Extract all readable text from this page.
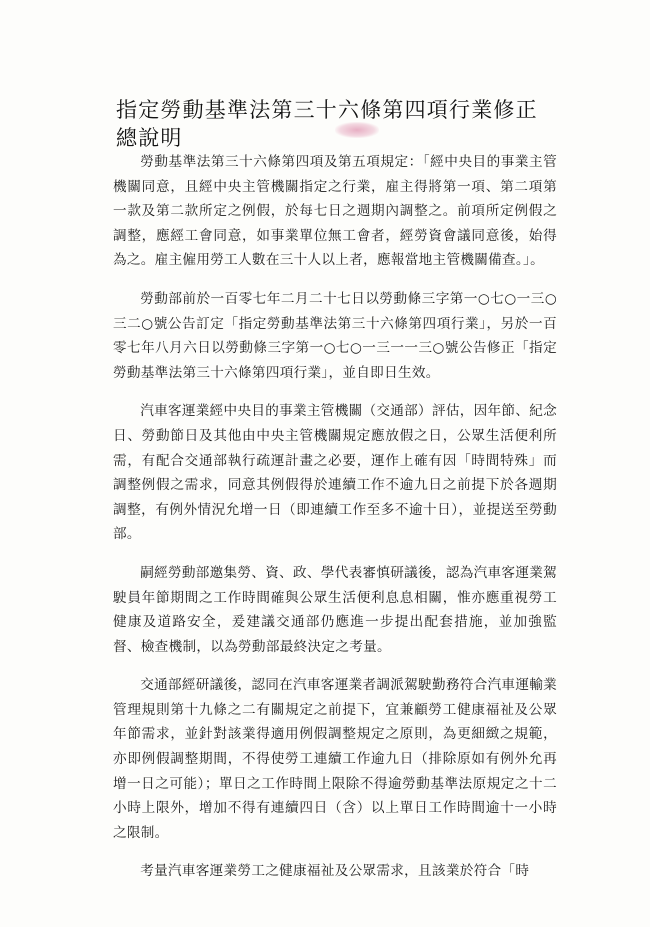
指定勞動基準法第三十六條第四項行業修正總說明

勞動基準法第三十六條第四項及第五項規定：「經中央目的事業主管機關同意，且經中央主管機關指定之行業，雇主得將第一項、第二項第一款及第二款所定之例假，於每七日之週期內調整之。前項所定例假之調整，應經工會同意，如事業單位無工會者，經勞資會議同意後，始得為之。雇主僱用勞工人數在三十人以上者，應報當地主管機關備查。」。

勞動部前於一百零七年二月二十七日以勞動條三字第一○七○一三○三二○號公告訂定「指定勞動基準法第三十六條第四項行業」，另於一百零七年八月六日以勞動條三字第一○七○一三一一三○號公告修正「指定勞動基準法第三十六條第四項行業」，並自即日生效。

汽車客運業經中央目的事業主管機關（交通部）評估，因年節、紀念日、勞動節日及其他由中央主管機關規定應放假之日，公眾生活便利所需，有配合交通部執行疏運計畫之必要，運作上確有因「時間特殊」而調整例假之需求，同意其例假得於連續工作不逾九日之前提下於各週期調整，有例外情況允增一日（即連續工作至多不逾十日），並提送至勞動部。

嗣經勞動部邀集勞、資、政、學代表審慎研議後，認為汽車客運業駕駛員年節期間之工作時間確與公眾生活便利息息相關，惟亦應重視勞工健康及道路安全，爰建議交通部仍應進一步提出配套措施，並加強監督、檢查機制，以為勞動部最終決定之考量。

交通部經研議後，認同在汽車客運業者調派駕駛勤務符合汽車運輸業管理規則第十九條之二有關規定之前提下，宜兼顧勞工健康福祉及公眾年節需求，並針對該業得適用例假調整規定之原則，為更細緻之規範，亦即例假調整期間，不得使勞工連續工作逾九日（排除原如有例外允再增一日之可能）；單日之工作時間上限除不得逾勞動基準法原規定之十二小時上限外，增加不得有連續四日（含）以上單日工作時間逾十一小時之限制。

考量汽車客運業勞工之健康福祉及公眾需求，且該業於符合「時
